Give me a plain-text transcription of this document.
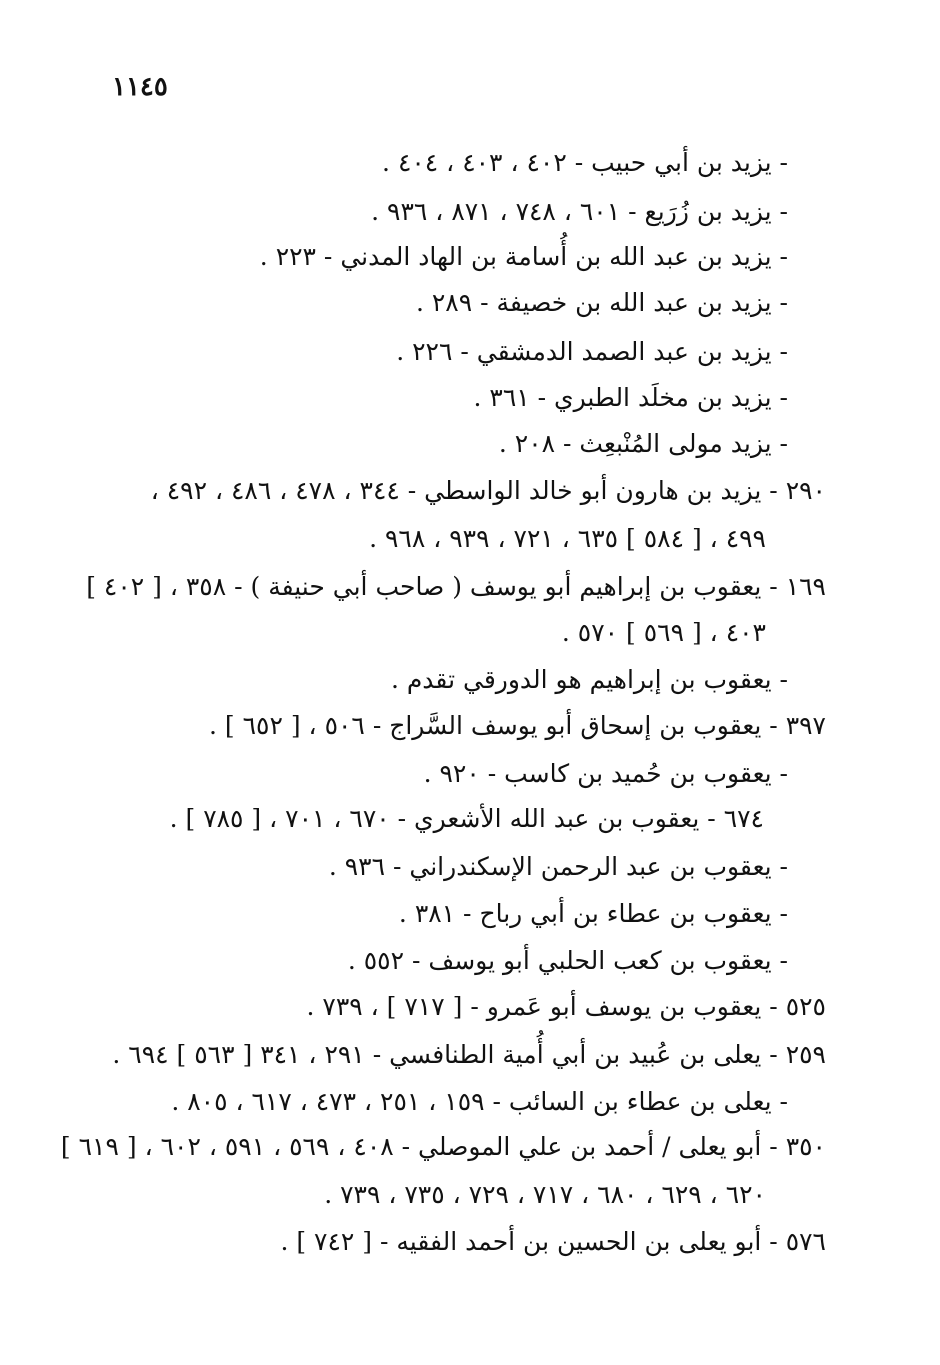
١١٤٥
- يزيد بن أبي حبيب - ٤٠٢ ، ٤٠٣ ، ٤٠٤ .
- يزيد بن زُرَيع - ٦٠١ ، ٧٤٨ ، ٨٧١ ، ٩٣٦ .
- يزيد بن عبد الله بن أُسامة بن الهاد المدني - ٢٢٣ .
- يزيد بن عبد الله بن خصيفة - ٢٨٩ .
- يزيد بن عبد الصمد الدمشقي - ٢٢٦ .
- يزيد بن مخلَد الطبري - ٣٦١ .
- يزيد مولى المُنْبعِث - ٢٠٨ .
٢٩٠ - يزيد بن هارون أبو خالد الواسطي - ٣٤٤ ، ٤٧٨ ، ٤٨٦ ، ٤٩٢ ،
٤٩٩ ، [ ٥٨٤ ] ٦٣٥ ، ٧٢١ ، ٩٣٩ ، ٩٦٨ .
١٦٩ - يعقوب بن إبراهيم أبو يوسف ( صاحب أبي حنيفة ) - ٣٥٨ ، [ ٤٠٢ ]
٤٠٣ ، [ ٥٦٩ ] ٥٧٠ .
- يعقوب بن إبراهيم هو الدورقي تقدم .
٣٩٧ - يعقوب بن إسحاق أبو يوسف السَّراج - ٥٠٦ ، [ ٦٥٢ ] .
- يعقوب بن حُميد بن كاسب - ٩٢٠ .
٦٧٤ - يعقوب بن عبد الله الأشعري - ٦٧٠ ، ٧٠١ ، [ ٧٨٥ ] .
- يعقوب بن عبد الرحمن الإسكندراني - ٩٣٦ .
- يعقوب بن عطاء بن أبي رباح - ٣٨١ .
- يعقوب بن كعب الحلبي أبو يوسف - ٥٥٢ .
٥٢٥ - يعقوب بن يوسف أبو عَمرو - [ ٧١٧ ] ، ٧٣٩ .
٢٥٩ - يعلى بن عُبيد بن أبي أُمية الطنافسي - ٢٩١ ، ٣٤١ [ ٥٦٣ ] ٦٩٤ .
- يعلى بن عطاء بن السائب - ١٥٩ ، ٢٥١ ، ٤٧٣ ، ٦١٧ ، ٨٠٥ .
٣٥٠ - أبو يعلى / أحمد بن علي الموصلي - ٤٠٨ ، ٥٦٩ ، ٥٩١ ، ٦٠٢ ، [ ٦١٩ ]
٦٢٠ ، ٦٢٩ ، ٦٨٠ ، ٧١٧ ، ٧٢٩ ، ٧٣٥ ، ٧٣٩ .
٥٧٦ - أبو يعلى بن الحسين بن أحمد الفقيه - [ ٧٤٢ ] .
